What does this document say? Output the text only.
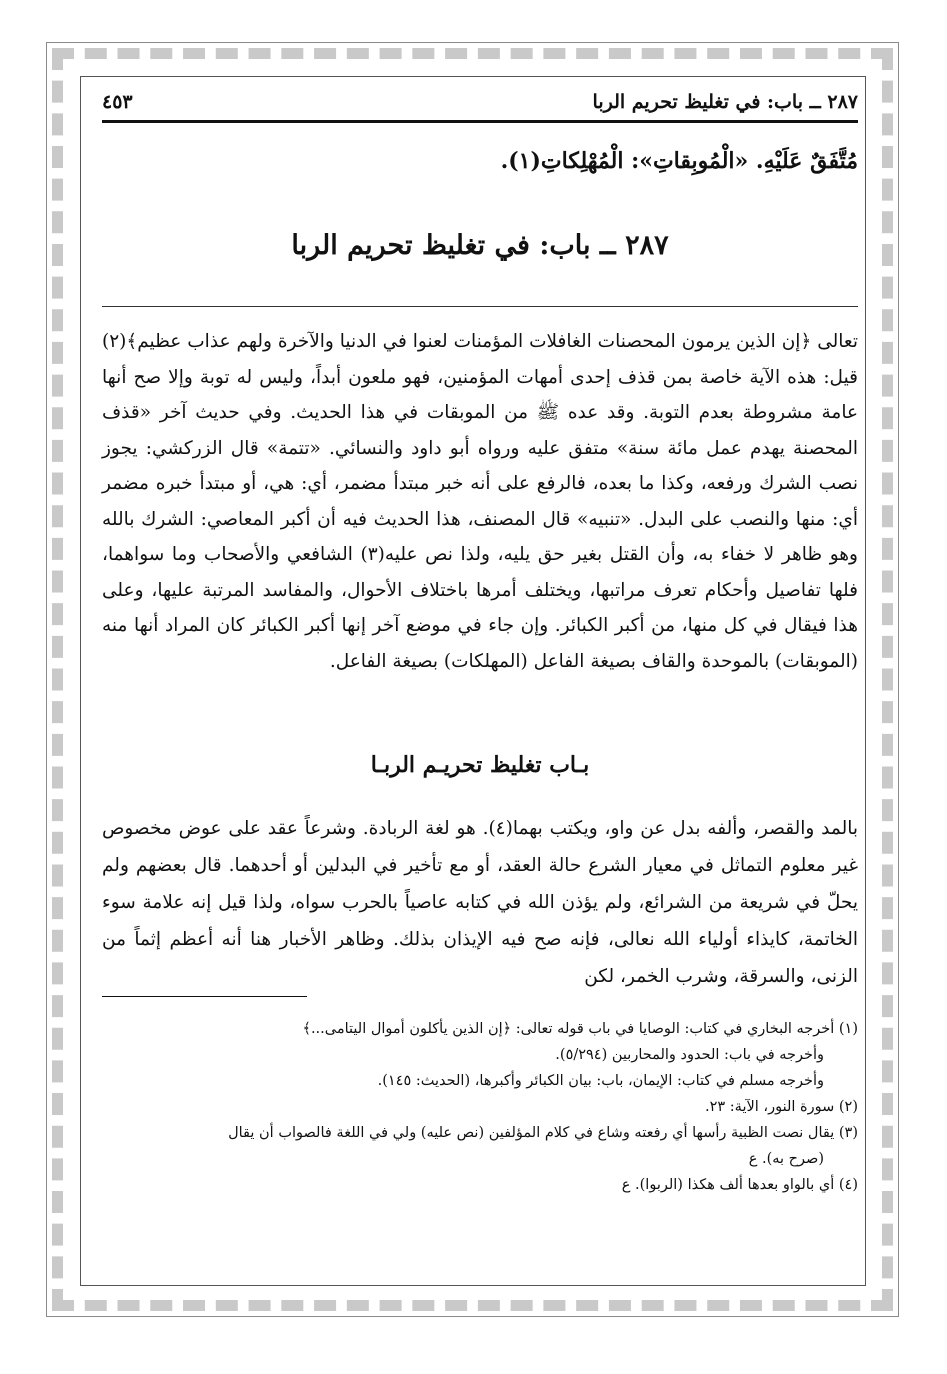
٢٨٧ ــ باب: في تغليظ تحريم الربا
٤٥٣
مُتَّفَقٌ عَلَيْهِ. «الْمُوبِقاتِ»: الْمُهْلِكاتِ(١).
٢٨٧ ــ باب: في تغليظ تحريم الربا

تعالى ﴿إن الذين يرمون المحصنات الغافلات المؤمنات لعنوا في الدنيا والآخرة ولهم عذاب عظيم﴾(٢) قيل: هذه الآية خاصة بمن قذف إحدى أمهات المؤمنين، فهو ملعون أبداً، وليس له توبة وإلا صح أنها عامة مشروطة بعدم التوبة. وقد عده ﷺ من الموبقات في هذا الحديث. وفي حديث آخر «قذف المحصنة يهدم عمل مائة سنة» متفق عليه ورواه أبو داود والنسائي. «تتمة» قال الزركشي: يجوز نصب الشرك ورفعه، وكذا ما بعده، فالرفع على أنه خبر مبتدأ مضمر، أي: هي، أو مبتدأ خبره مضمر أي: منها والنصب على البدل. «تنبيه» قال المصنف، هذا الحديث فيه أن أكبر المعاصي: الشرك بالله وهو ظاهر لا خفاء به، وأن القتل بغير حق يليه، ولذا نص عليه(٣) الشافعي والأصحاب وما سواهما، فلها تفاصيل وأحكام تعرف مراتبها، ويختلف أمرها باختلاف الأحوال، والمفاسد المرتبة عليها، وعلى هذا فيقال في كل منها، من أكبر الكبائر. وإن جاء في موضع آخر إنها أكبر الكبائر كان المراد أنها منه (الموبقات) بالموحدة والقاف بصيغة الفاعل (المهلكات) بصيغة الفاعل.

بـاب تغليظ تحريـم الربـا
بالمد والقصر، وألفه بدل عن واو، ويكتب بهما(٤). هو لغة الربادة. وشرعاً عقد على عوض مخصوص غير معلوم التماثل في معيار الشرع حالة العقد، أو مع تأخير في البدلين أو أحدهما. قال بعضهم ولم يحلّ في شريعة من الشرائع، ولم يؤذن الله في كتابه عاصياً بالحرب سواه، ولذا قيل إنه علامة سوء الخاتمة، كايذاء أولياء الله نعالى، فإنه صح فيه الإيذان بذلك. وظاهر الأخبار هنا أنه أعظم إثماً من الزنى، والسرقة، وشرب الخمر، لكن
(١) أخرجه البخاري في كتاب: الوصايا في باب قوله تعالى: ﴿إن الذين يأكلون أموال اليتامى...﴾
وأخرجه في باب: الحدود والمحاربين (٥/٢٩٤).
وأخرجه مسلم في كتاب: الإيمان، باب: بيان الكبائر وأكبرها، (الحديث: ١٤٥).
(٢) سورة النور، الآية: ٢٣.
(٣) يقال نصت الظبية رأسها أي رفعته وشاع في كلام المؤلفين (نص عليه) ولي في اللغة فالصواب أن يقال
(صرح به). ع
(٤) أي بالواو بعدها ألف هكذا (الربوا). ع
